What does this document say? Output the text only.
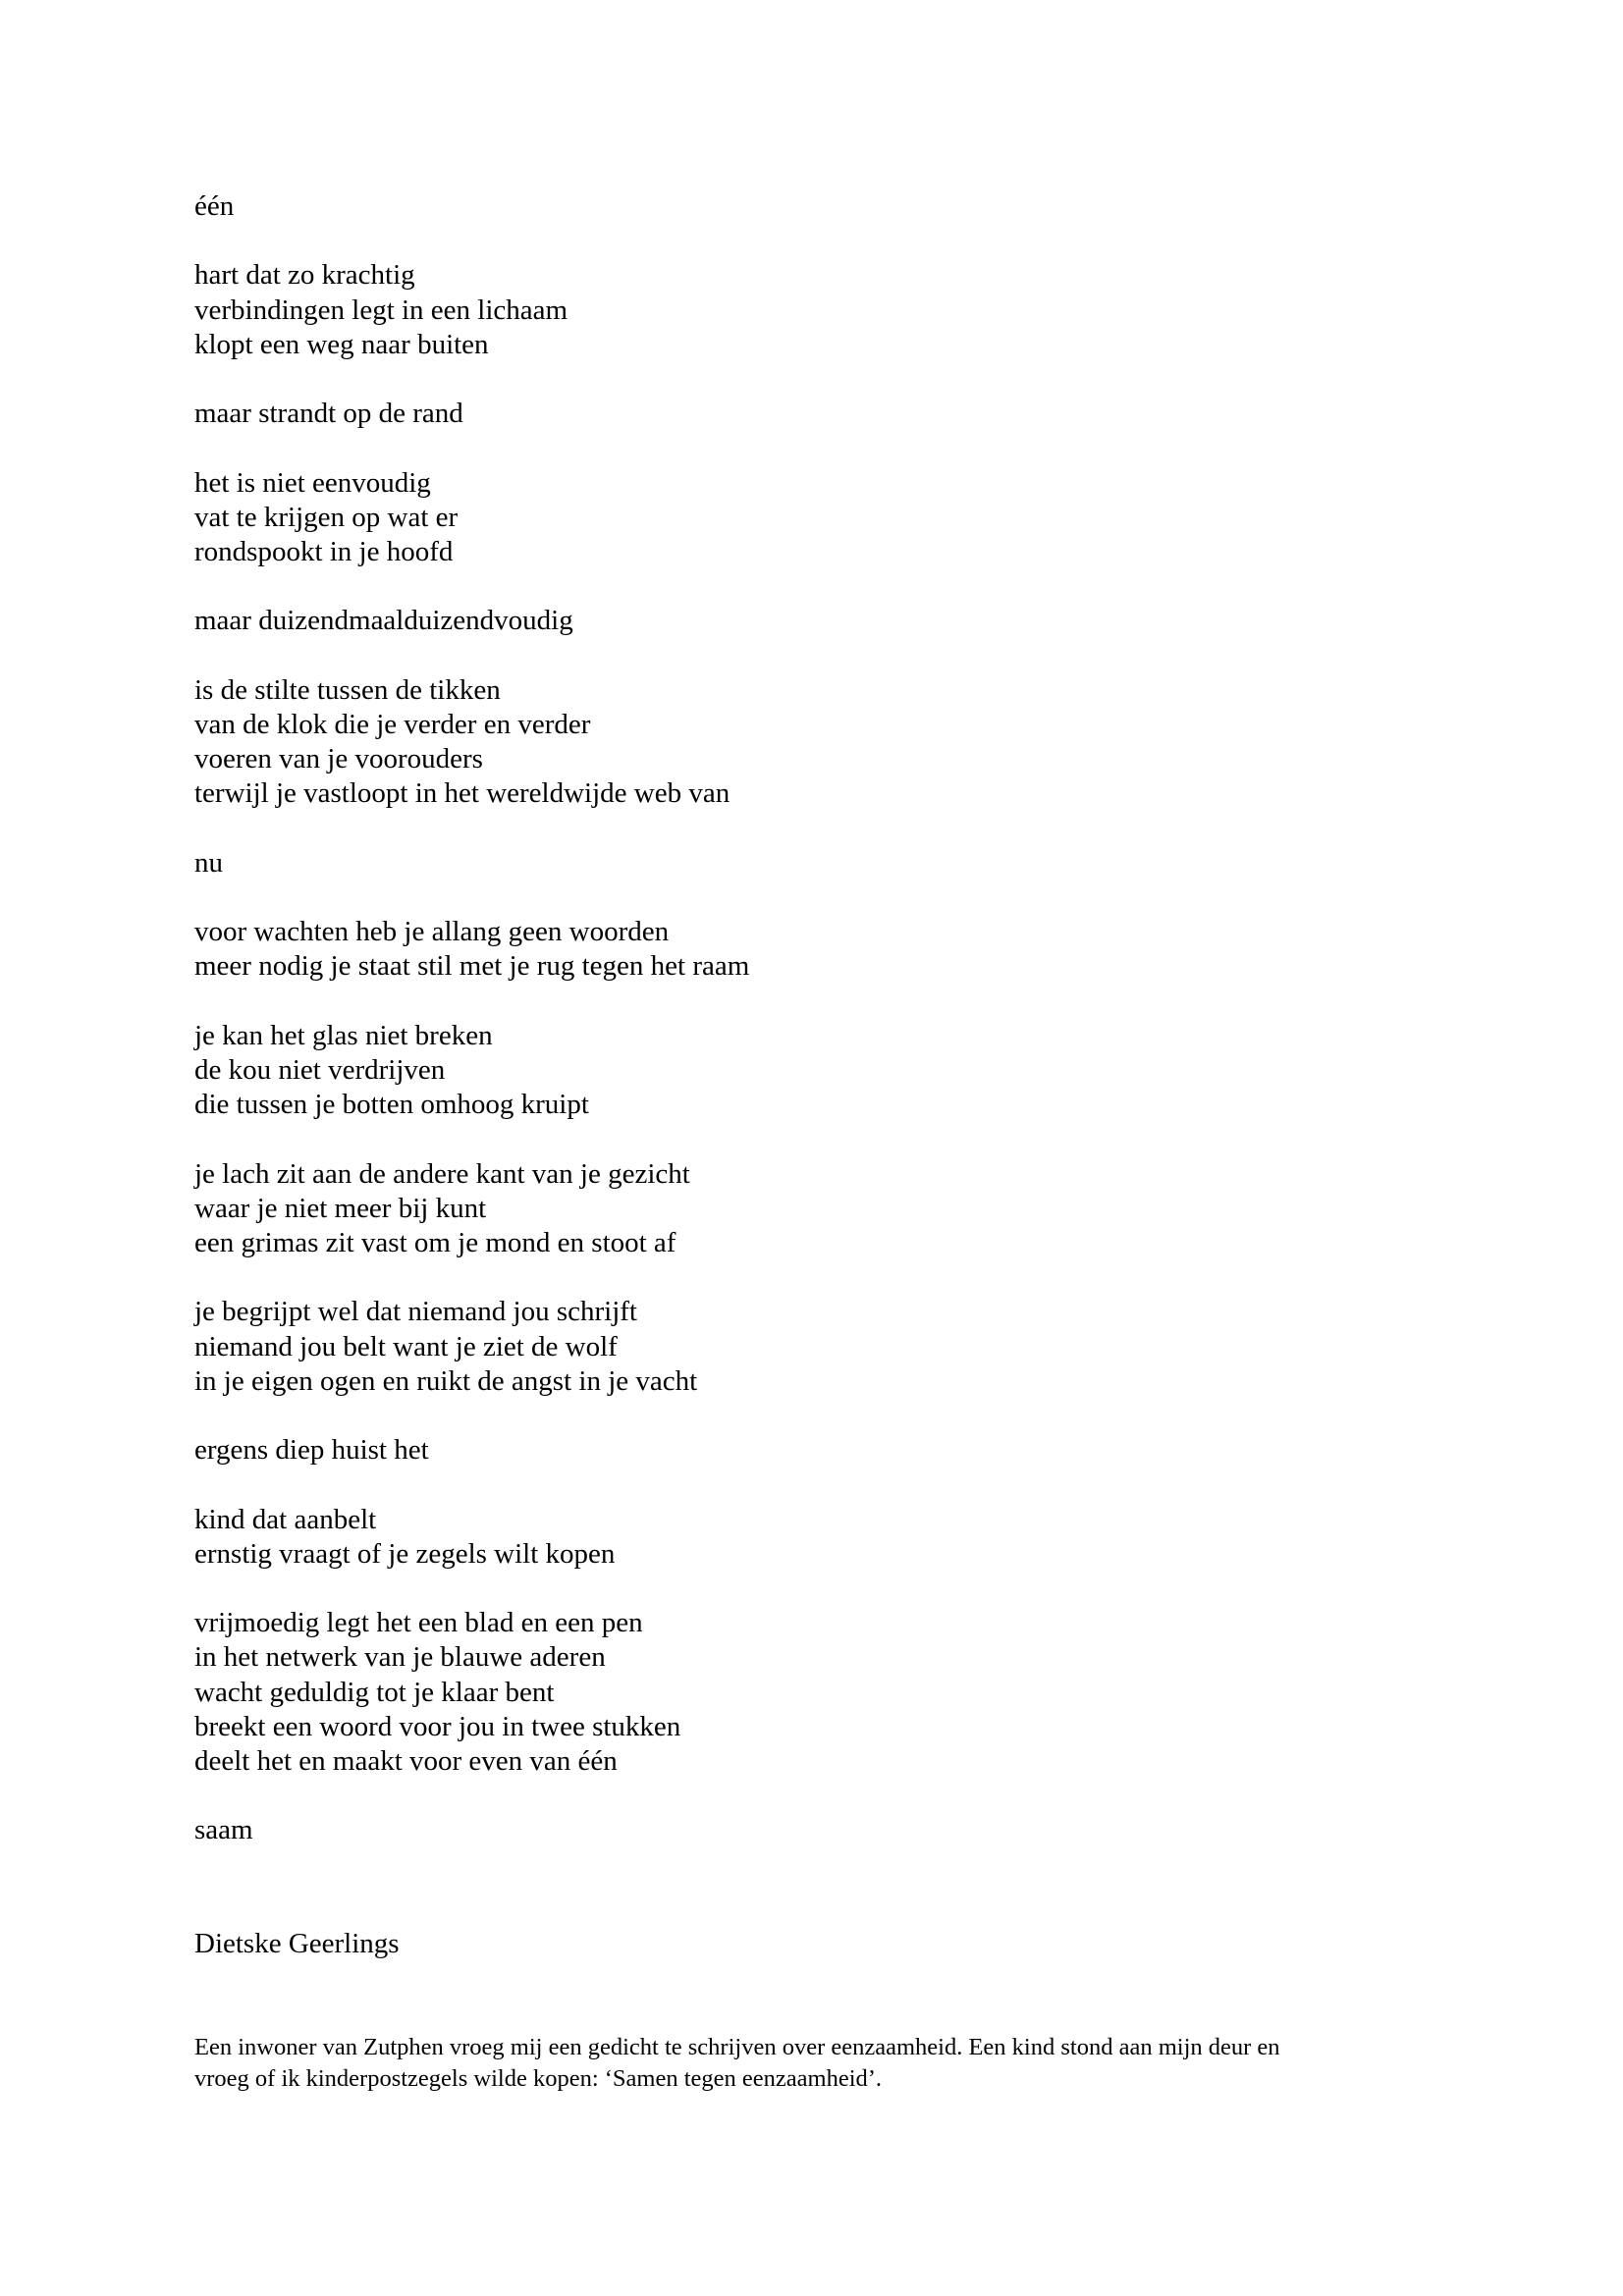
één
hart dat zo krachtig
verbindingen legt in een lichaam
klopt een weg naar buiten
maar strandt op de rand
het is niet eenvoudig
vat te krijgen op wat er
rondspookt in je hoofd
maar duizendmaalduizendvoudig
is de stilte tussen de tikken
van de klok die je verder en verder
voeren van je voorouders
terwijl je vastloopt in het wereldwijde web van
nu
voor wachten heb je allang geen woorden
meer nodig je staat stil met je rug tegen het raam
je kan het glas niet breken
de kou niet verdrijven
die tussen je botten omhoog kruipt
je lach zit aan de andere kant van je gezicht
waar je niet meer bij kunt
een grimas zit vast om je mond en stoot af
je begrijpt wel dat niemand jou schrijft
niemand jou belt want je ziet de wolf
in je eigen ogen en ruikt de angst in je vacht
ergens diep huist het
kind dat aanbelt
ernstig vraagt of je zegels wilt kopen
vrijmoedig legt het een blad en een pen
in het netwerk van je blauwe aderen
wacht geduldig tot je klaar bent
breekt een woord voor jou in twee stukken
deelt het en maakt voor even van één
saam
Dietske Geerlings
Een inwoner van Zutphen vroeg mij een gedicht te schrijven over eenzaamheid. Een kind stond aan mijn deur en
vroeg of ik kinderpostzegels wilde kopen: ‘Samen tegen eenzaamheid’.
